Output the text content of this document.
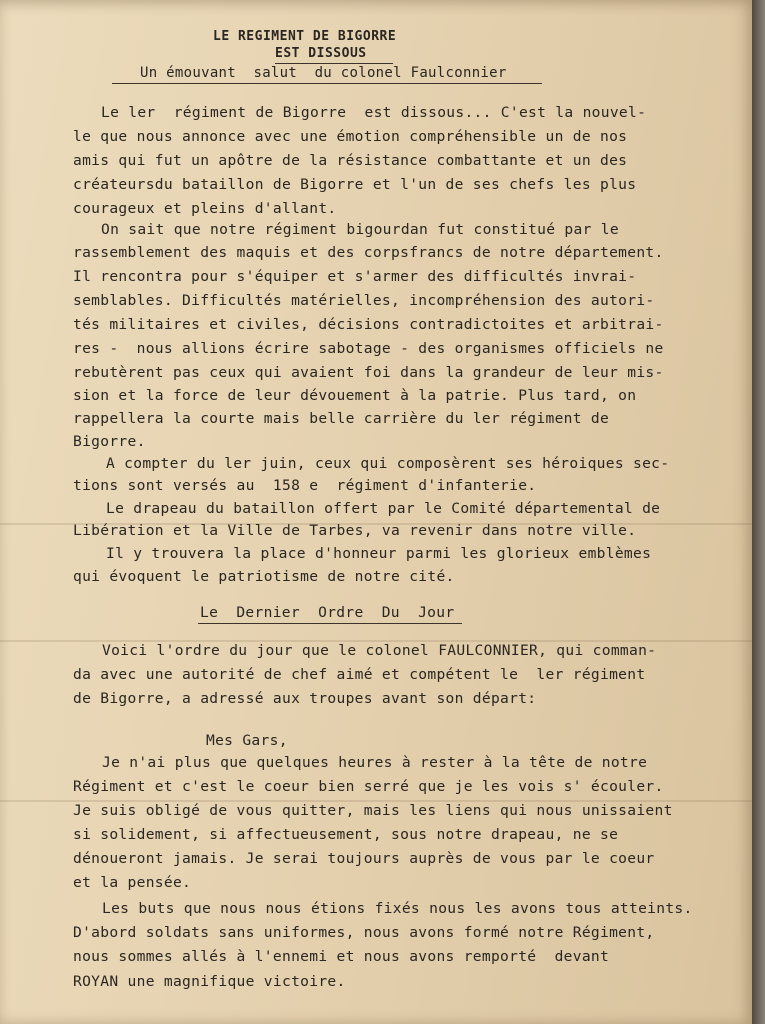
LE REGIMENT DE BIGORRE
EST DISSOUS
Un émouvant  salut  du colonel Faulconnier
Le ler  régiment de Bigorre  est dissous... C'est la nouvel-
le que nous annonce avec une émotion compréhensible un de nos
amis qui fut un apôtre de la résistance combattante et un des
créateursdu bataillon de Bigorre et l'un de ses chefs les plus
courageux et pleins d'allant.
On sait que notre régiment bigourdan fut constitué par le
rassemblement des maquis et des corpsfrancs de notre département.
Il rencontra pour s'équiper et s'armer des difficultés invrai-
semblables. Difficultés matérielles, incompréhension des autori-
tés militaires et civiles, décisions contradictoites et arbitrai-
res -  nous allions écrire sabotage - des organismes officiels ne
rebutèrent pas ceux qui avaient foi dans la grandeur de leur mis-
sion et la force de leur dévouement à la patrie. Plus tard, on
rappellera la courte mais belle carrière du ler régiment de
Bigorre.
A compter du ler juin, ceux qui composèrent ses héroiques sec-
tions sont versés au  158 e  régiment d'infanterie.
Le drapeau du bataillon offert par le Comité départemental de
Libération et la Ville de Tarbes, va revenir dans notre ville.
Il y trouvera la place d'honneur parmi les glorieux emblèmes
qui évoquent le patriotisme de notre cité.
Le  Dernier  Ordre  Du  Jour
Voici l'ordre du jour que le colonel FAULCONNIER, qui comman-
da avec une autorité de chef aimé et compétent le  ler régiment
de Bigorre, a adressé aux troupes avant son départ:
Mes Gars,
Je n'ai plus que quelques heures à rester à la tête de notre
Régiment et c'est le coeur bien serré que je les vois s' écouler.
Je suis obligé de vous quitter, mais les liens qui nous unissaient
si solidement, si affectueusement, sous notre drapeau, ne se
dénoueront jamais. Je serai toujours auprès de vous par le coeur
et la pensée.
Les buts que nous nous étions fixés nous les avons tous atteints.
D'abord soldats sans uniformes, nous avons formé notre Régiment,
nous sommes allés à l'ennemi et nous avons remporté  devant
ROYAN une magnifique victoire.
